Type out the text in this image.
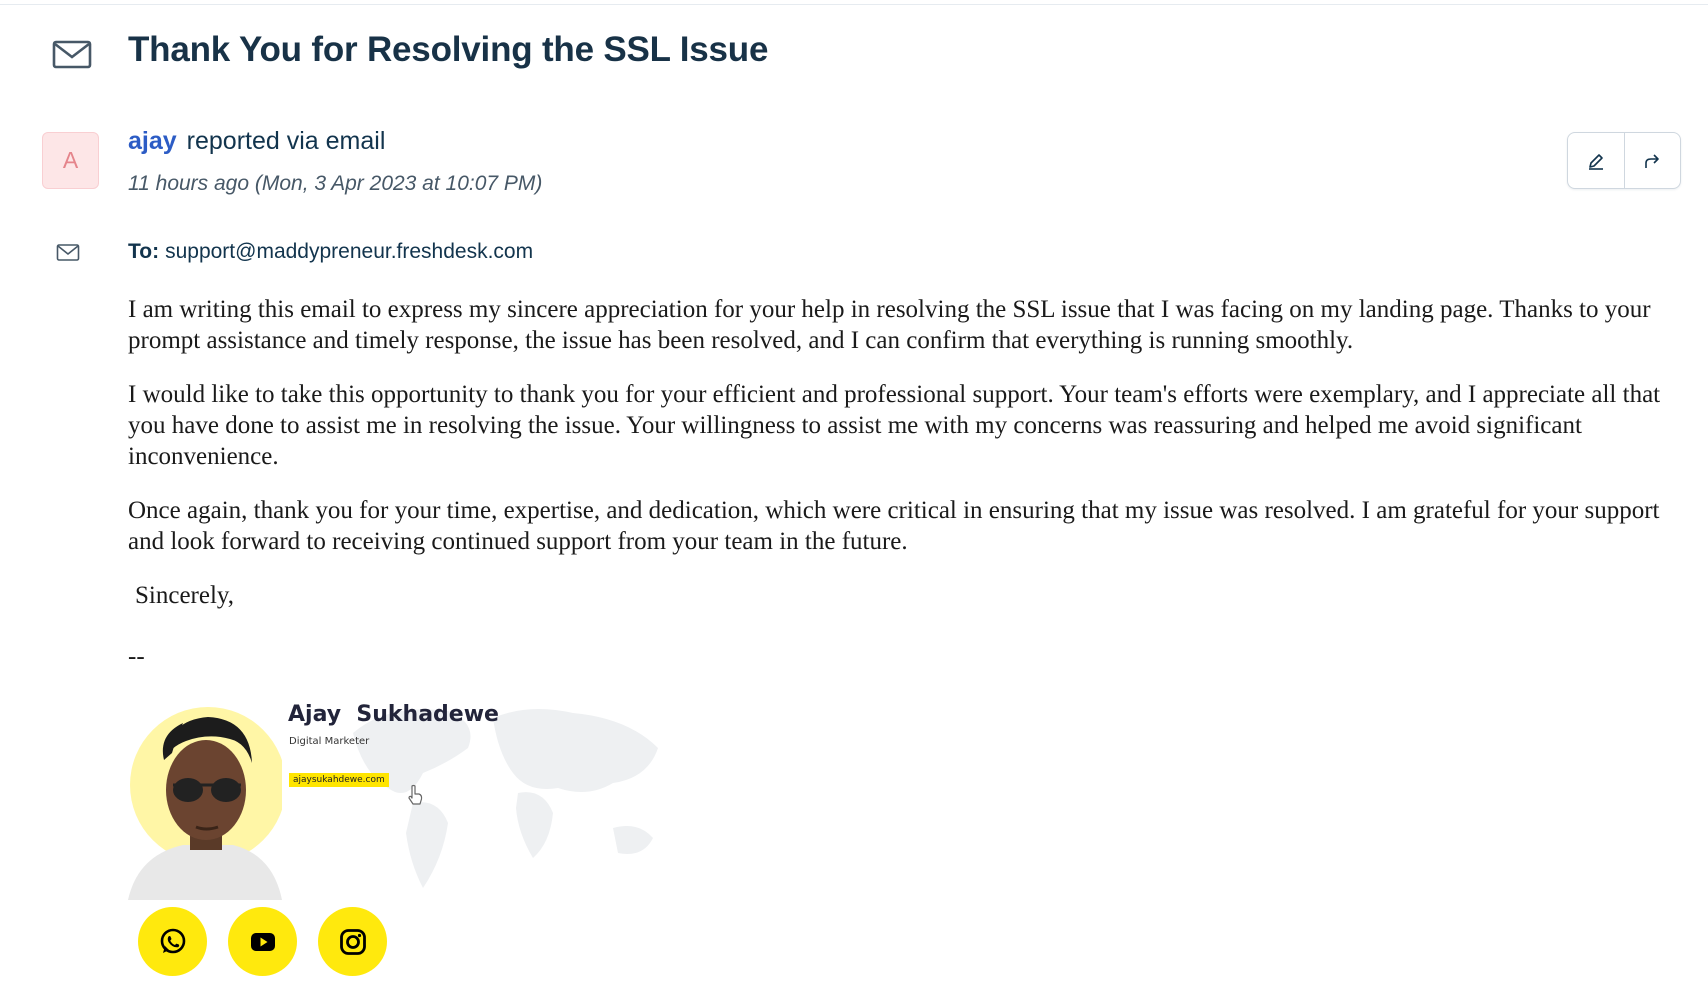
Thank You for Resolving the SSL Issue
A
ajay reported via email
11 hours ago (Mon, 3 Apr 2023 at 10:07 PM)
To: support@maddypreneur.freshdesk.com

I am writing this email to express my sincere appreciation for your help in resolving the SSL issue that I was facing on my landing page. Thanks to your prompt assistance and timely response, the issue has been resolved, and I can confirm that everything is running smoothly.

I would like to take this opportunity to thank you for your efficient and professional support. Your team's efforts were exemplary, and I appreciate all that you have done to assist me in resolving the issue. Your willingness to assist me with my concerns was reassuring and helped me avoid significant inconvenience.

Once again, thank you for your time, expertise, and dedication, which were critical in ensuring that my issue was resolved. I am grateful for your support and look forward to receiving continued support from your team in the future.

Sincerely,

--

Ajay Sukhadewe
Digital Marketer
ajaysukahdewe.com
